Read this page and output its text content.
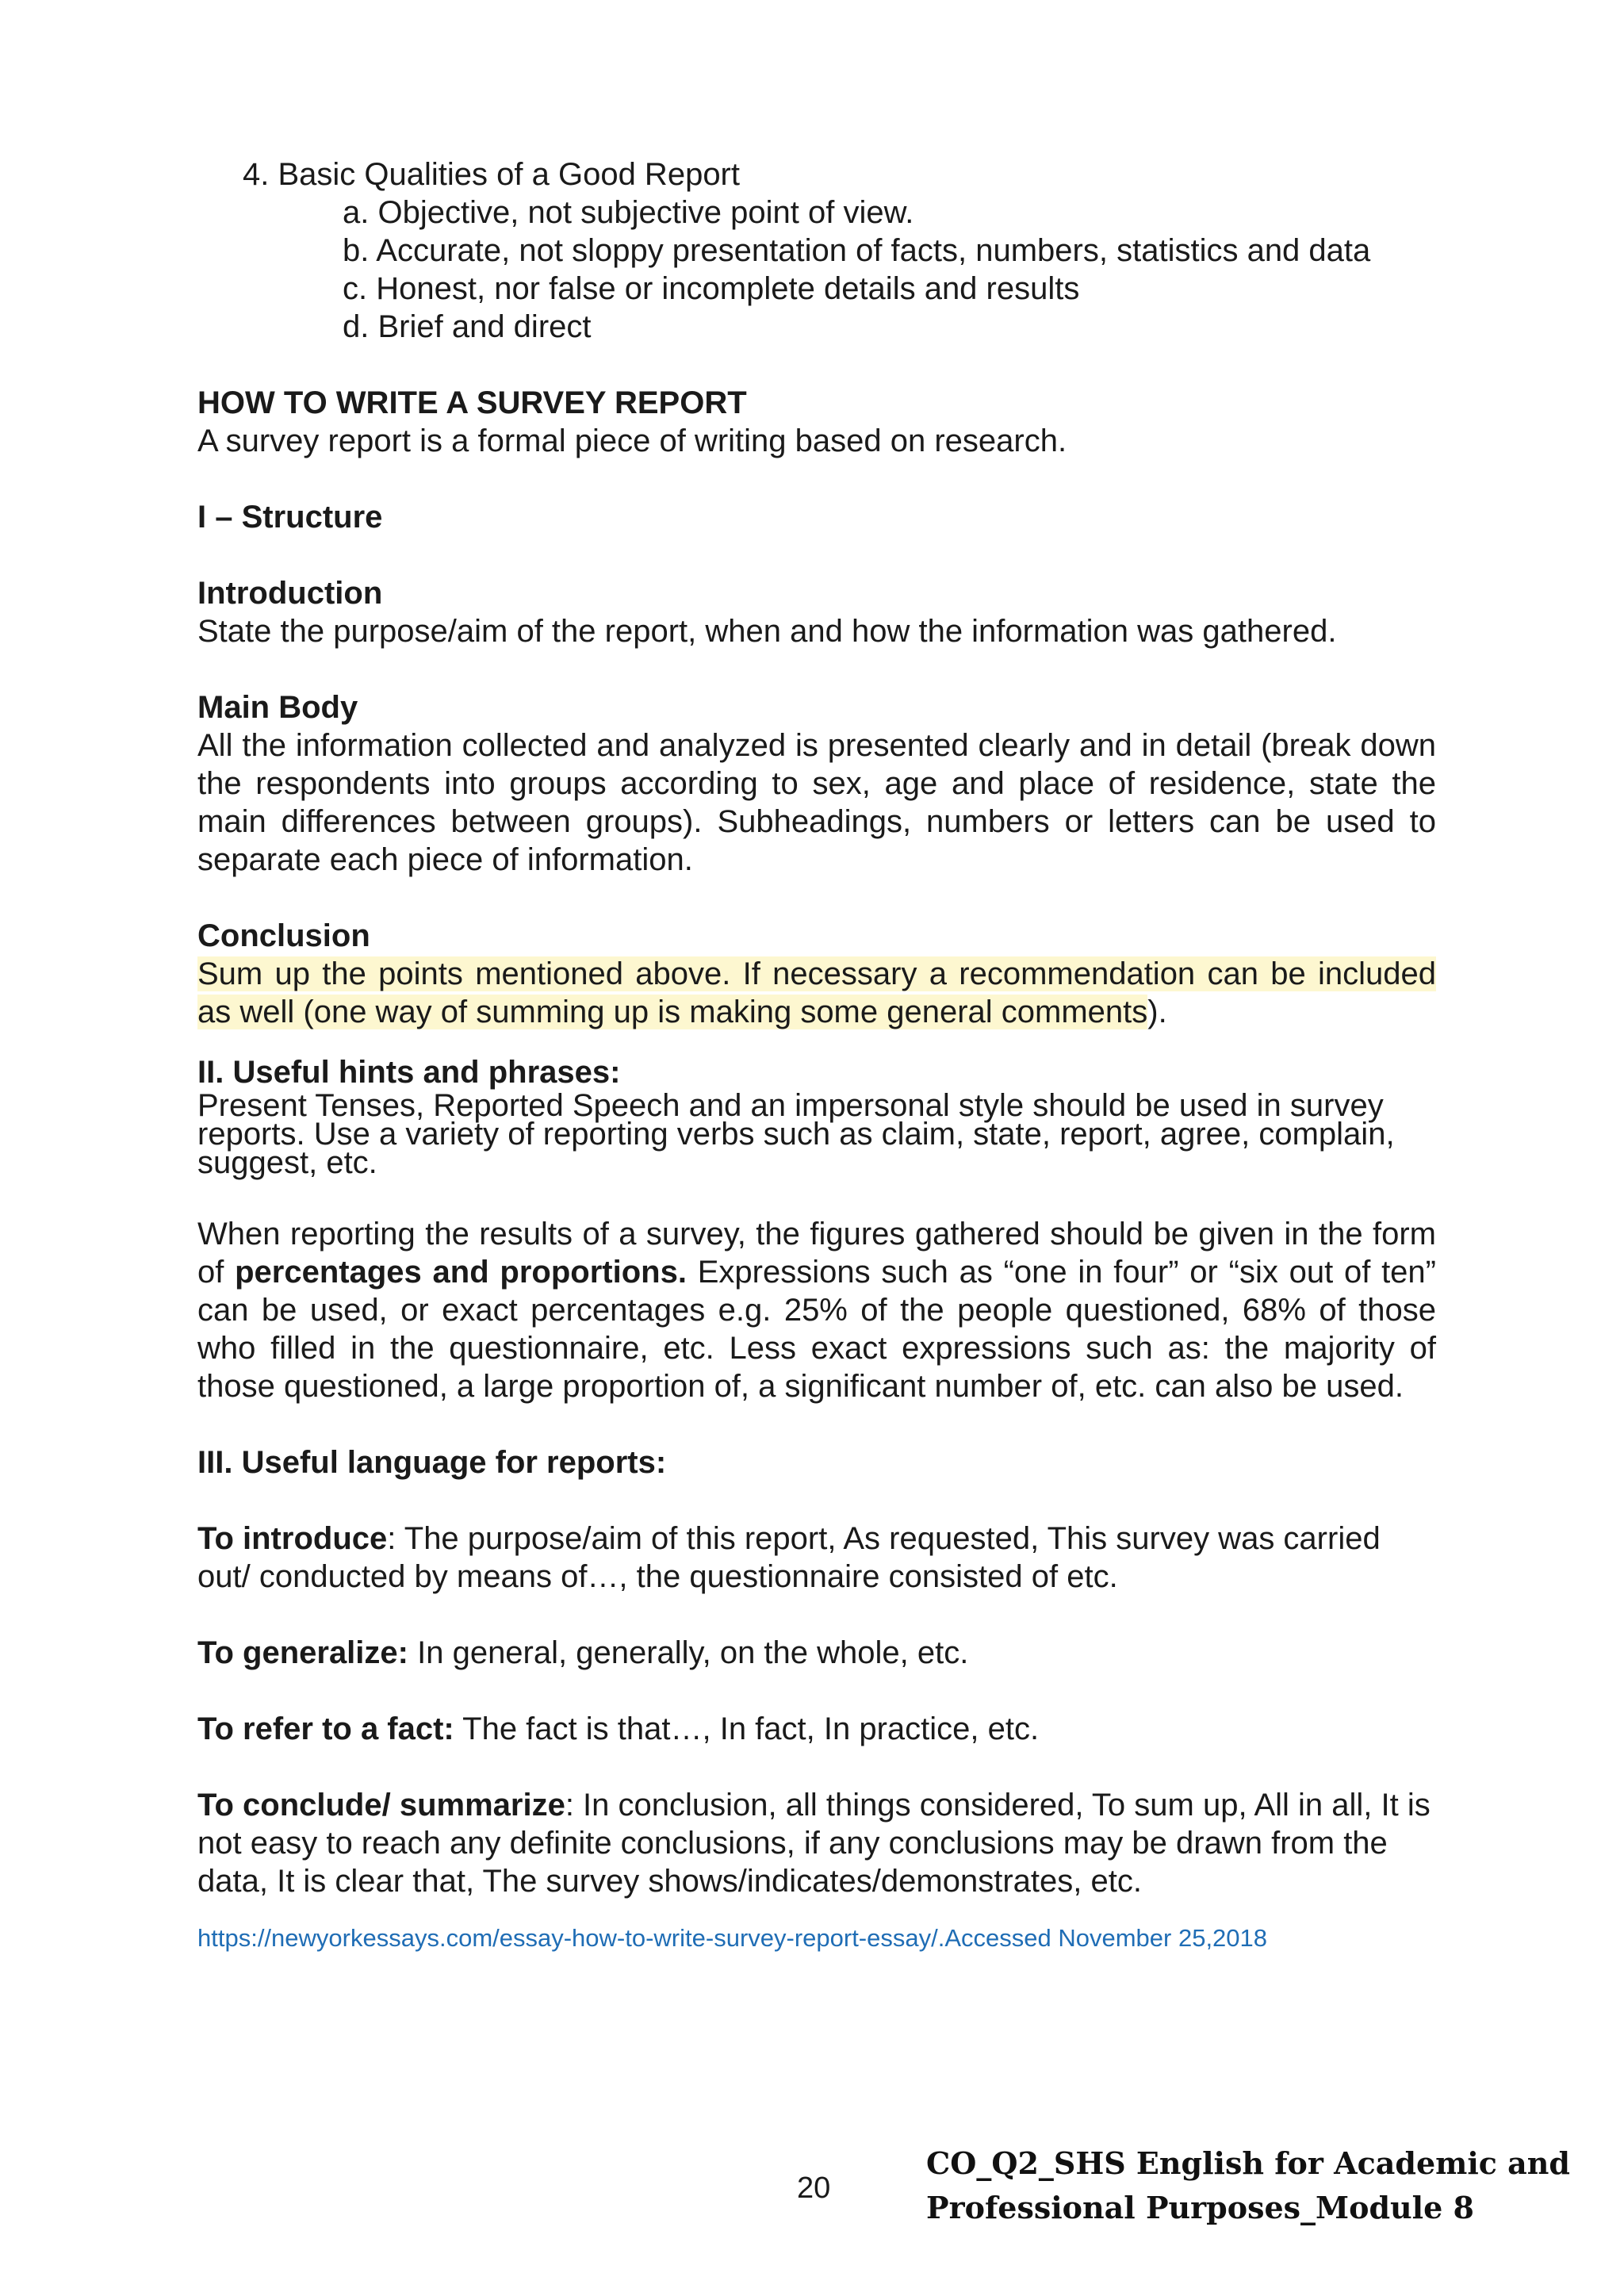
4. Basic Qualities of a Good Report
a. Objective, not subjective point of view.
b. Accurate, not sloppy presentation of facts, numbers, statistics and data
c. Honest, nor false or incomplete details and results
d. Brief and direct

HOW TO WRITE A SURVEY REPORT

A survey report is a formal piece of writing based on research.

I – Structure

Introduction

State the purpose/aim of the report, when and how the information was gathered.

Main Body

All the information collected and analyzed is presented clearly and in detail (break down the respondents into groups according to sex, age and place of residence, state the main differences between groups). Subheadings, numbers or letters can be used to separate each piece of information.

Conclusion

Sum up the points mentioned above. If necessary a recommendation can be included as well (one way of summing up is making some general comments).

II. Useful hints and phrases:

Present Tenses, Reported Speech and an impersonal style should be used in survey reports. Use a variety of reporting verbs such as claim, state, report, agree, complain, suggest, etc.

When reporting the results of a survey, the figures gathered should be given in the form of percentages and proportions. Expressions such as “one in four” or “six out of ten” can be used, or exact percentages e.g. 25% of the people questioned, 68% of those who filled in the questionnaire, etc. Less exact expressions such as: the majority of those questioned, a large proportion of, a significant number of, etc. can also be used.

III. Useful language for reports:

To introduce: The purpose/aim of this report, As requested, This survey was carried out/ conducted by means of…, the questionnaire consisted of etc.

To generalize: In general, generally, on the whole, etc.

To refer to a fact: The fact is that…, In fact, In practice, etc.

To conclude/ summarize: In conclusion, all things considered, To sum up, All in all, It is not easy to reach any definite conclusions, if any conclusions may be drawn from the data, It is clear that, The survey shows/indicates/demonstrates, etc.

https://newyorkessays.com/essay-how-to-write-survey-report-essay/.Accessed November 25,2018

20
CO_Q2_SHS English for Academic and
Professional Purposes_Module 8
